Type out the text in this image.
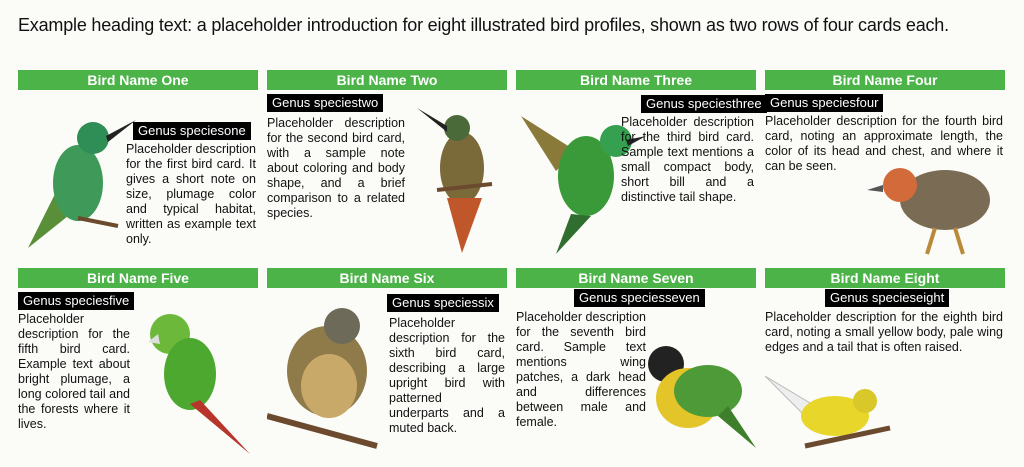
Example heading text: a placeholder introduction for eight illustrated bird profiles, shown as two rows of four cards each.
Bird Name One
Genus speciesone
Placeholder description for the first bird card. It gives a short note on size, plumage color and typical habitat, written as example text only.
Bird Name Two
Genus speciestwo
Placeholder description for the second bird card, with a sample note about coloring and body shape, and a brief comparison to a related species.
Bird Name Three
Genus speciesthree
Placeholder description for the third bird card. Sample text mentions a small compact body, short bill and a distinctive tail shape.
Bird Name Four
Genus speciesfour
Placeholder description for the fourth bird card, noting an approximate length, the color of its head and chest, and where it can be seen.
Bird Name Five
Genus speciesfive
Placeholder description for the fifth bird card. Example text about bright plumage, a long colored tail and the forests where it lives.
Bird Name Six
Genus speciessix
Placeholder description for the sixth bird card, describing a large upright bird with patterned underparts and a muted back.
Bird Name Seven
Genus speciesseven
Placeholder description for the seventh bird card. Sample text mentions wing patches, a dark head and differences between male and female.
Bird Name Eight
Genus specieseight
Placeholder description for the eighth bird card, noting a small yellow body, pale wing edges and a tail that is often raised.
